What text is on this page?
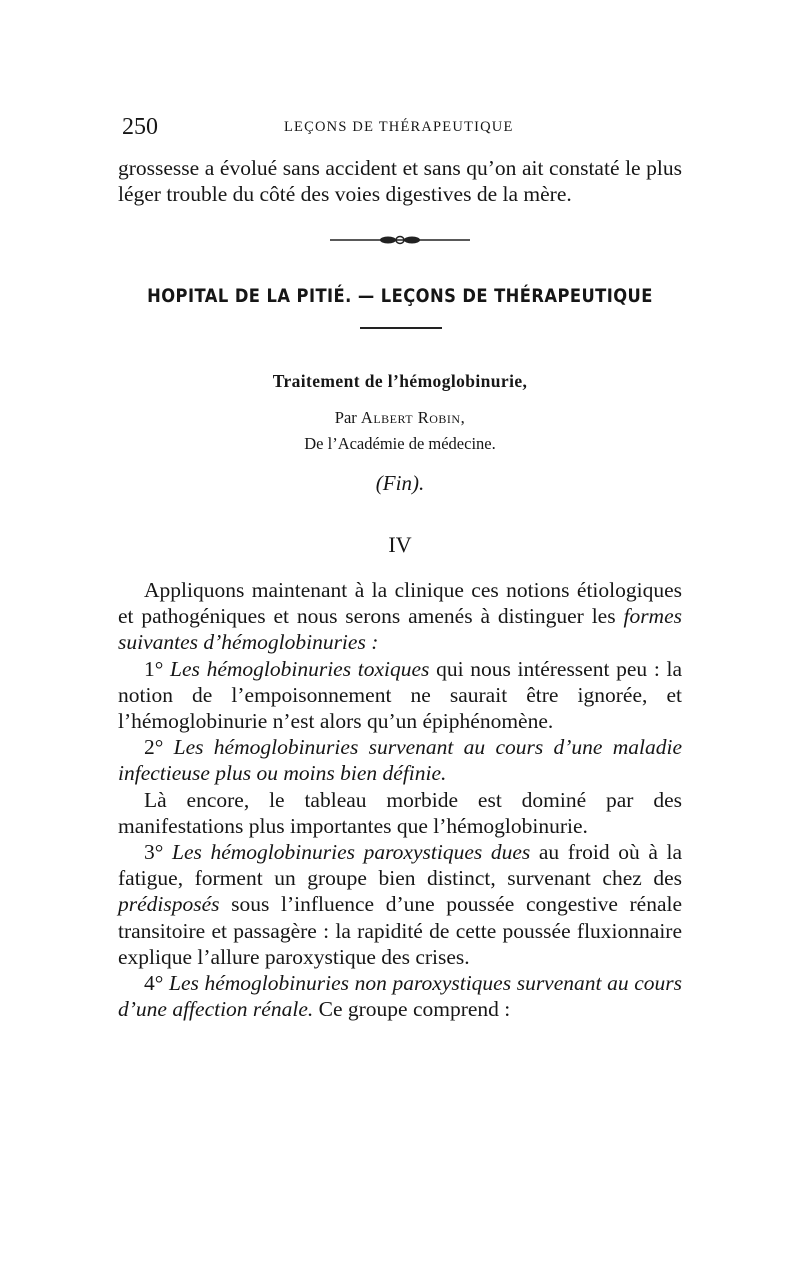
250	LEÇONS DE THÉRAPEUTIQUE

grossesse a évolué sans accident et sans qu’on ait constaté le plus léger trouble du côté des voies digestives de la mère.

HOPITAL DE LA PITIÉ. — LEÇONS DE THÉRAPEUTIQUE
Traitement de l’hémoglobinurie,
Par Albert Robin,
De l’Académie de médecine.
(Fin).
IV

Appliquons maintenant à la clinique ces notions étiologiques et pathogéniques et nous serons amenés à distinguer les formes suivantes d’hémoglobinuries :

1° Les hémoglobinuries toxiques qui nous intéressent peu : la notion de l’empoisonnement ne saurait être ignorée, et l’hémoglobinurie n’est alors qu’un épiphénomène.

2° Les hémoglobinuries survenant au cours d’une maladie infectieuse plus ou moins bien définie.

Là encore, le tableau morbide est dominé par des manifestations plus importantes que l’hémoglobinurie.

3° Les hémoglobinuries paroxystiques dues au froid où à la fatigue, forment un groupe bien distinct, survenant chez des prédisposés sous l’influence d’une poussée congestive rénale transitoire et passagère : la rapidité de cette poussée fluxionnaire explique l’allure paroxystique des crises.

4° Les hémoglobinuries non paroxystiques survenant au cours d’une affection rénale. Ce groupe comprend :
